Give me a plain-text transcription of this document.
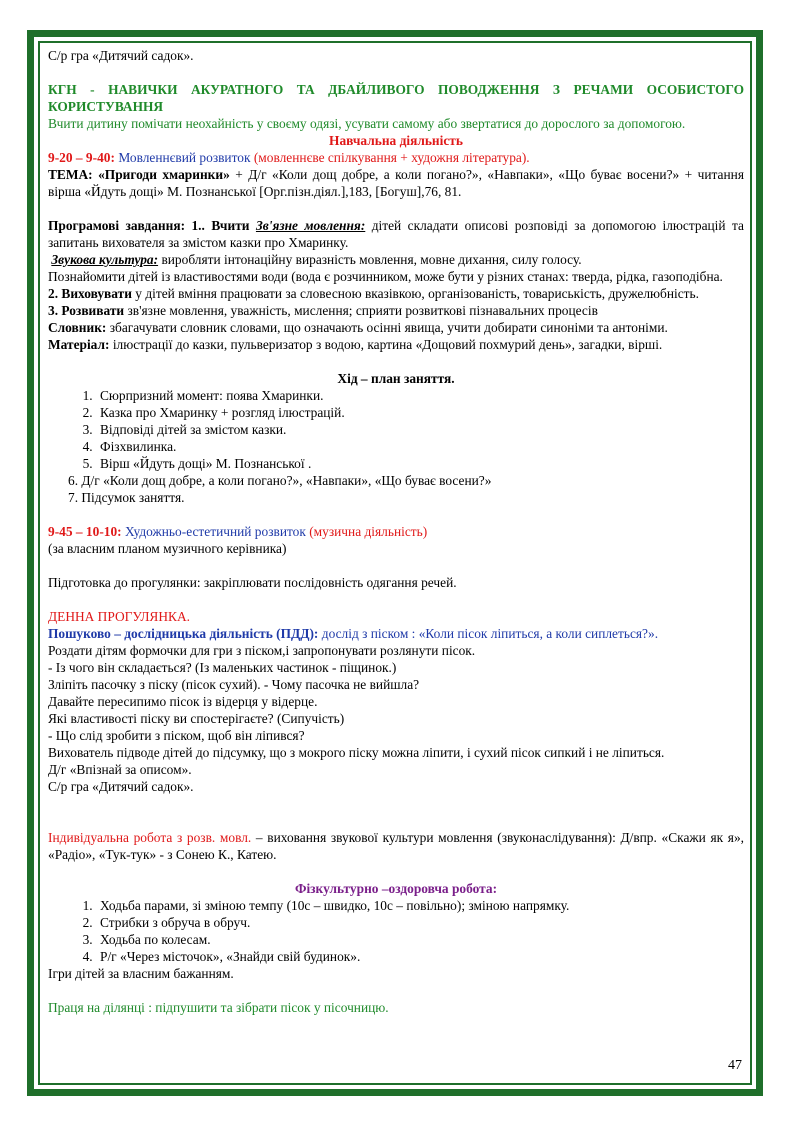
С/р гра «Дитячий садок».

КГН - НАВИЧКИ АКУРАТНОГО ТА ДБАЙЛИВОГО ПОВОДЖЕННЯ З РЕЧАМИ ОСОБИСТОГО КОРИСТУВАННЯ

Вчити дитину помічати неохайність у своєму одязі, усувати самому або звертатися до дорослого за допомогою.

Навчальна діяльність

9-20 – 9-40: Мовленнєвий розвиток (мовленнєве спілкування + художня література).

ТЕМА: «Пригоди хмаринки» + Д/г «Коли дощ добре, а коли погано?», «Навпаки», «Що буває восени?» + читання вірша «Йдуть дощі» М. Познанської [Орг.пізн.діял.],183, [Богуш],76, 81.

Програмові завдання: 1.. Вчити Зв'язне мовлення: дітей складати описові розповіді за допомогою ілюстрацій та запитань вихователя за змістом казки про Хмаринку.

Звукова культура: виробляти інтонаційну виразність мовлення, мовне дихання, силу голосу.

Познайомити дітей із властивостями води (вода є розчинником, може бути у різних станах: тверда, рідка, газоподібна.

2. Виховувати у дітей вміння працювати за словесною вказівкою, організованість, товариськість, дружелюбність.

3. Розвивати зв'язне мовлення, уважність, мислення; сприяти розвиткові пізнавальних процесів

Словник: збагачувати словник словами, що означають осінні явища, учити добирати синоніми та антоніми.

Матеріал: ілюстрації до казки, пульверизатор з водою, картина «Дощовий похмурий день», загадки, вірші.

Хід – план заняття.

1. Сюрпризний момент: поява Хмаринки.
2. Казка про Хмаринку + розгляд ілюстрацій.
3. Відповіді дітей за змістом казки.
4. Фізхвилинка.
5. Вірш «Йдуть дощі» М. Познанської .

6. Д/г «Коли дощ добре, а коли погано?», «Навпаки», «Що буває восени?»

7. Підсумок заняття.

9-45 – 10-10: Художньо-естетичний розвиток (музична діяльність)

(за власним планом музичного керівника)

Підготовка до прогулянки: закріплювати послідовність одягання речей.

ДЕННА ПРОГУЛЯНКА.

Пошуково – дослідницька діяльність (ПДД): дослід з піском : «Коли пісок ліпиться, а коли сиплеться?».

Роздати дітям формочки для гри з піском,і запропонувати розлянути пісок.

- Із чого він складається? (Із маленьких частинок - піщинок.)

Зліпіть пасочку з піску (пісок сухий). - Чому пасочка не вийшла?

Давайте пересипимо пісок із відерця у відерце.

Які властивості піску ви спостерігаєте? (Сипучість)

- Що слід зробити з піском, щоб він ліпився?

Вихователь підводе дітей до підсумку, що з мокрого піску можна ліпити, і сухий пісок сипкий і не ліпиться.

Д/г «Впізнай за описом».

С/р гра «Дитячий садок».

Індивідуальна робота з розв. мовл. – виховання звукової культури мовлення (звуконаслідування): Д/впр. «Скажи як я», «Радіо», «Тук-тук» - з Сонею К., Катею.

Фізкультурно –оздоровча робота:

1. Ходьба парами, зі зміною темпу (10с – швидко, 10с – повільно); зміною напрямку.
2. Стрибки з обруча в обруч.
3. Ходьба по колесам.
4. Р/г «Через місточок», «Знайди свій будинок».

Ігри дітей за власним бажанням.

Праця на ділянці : підпушити та зібрати пісок у пісочницю.

47
